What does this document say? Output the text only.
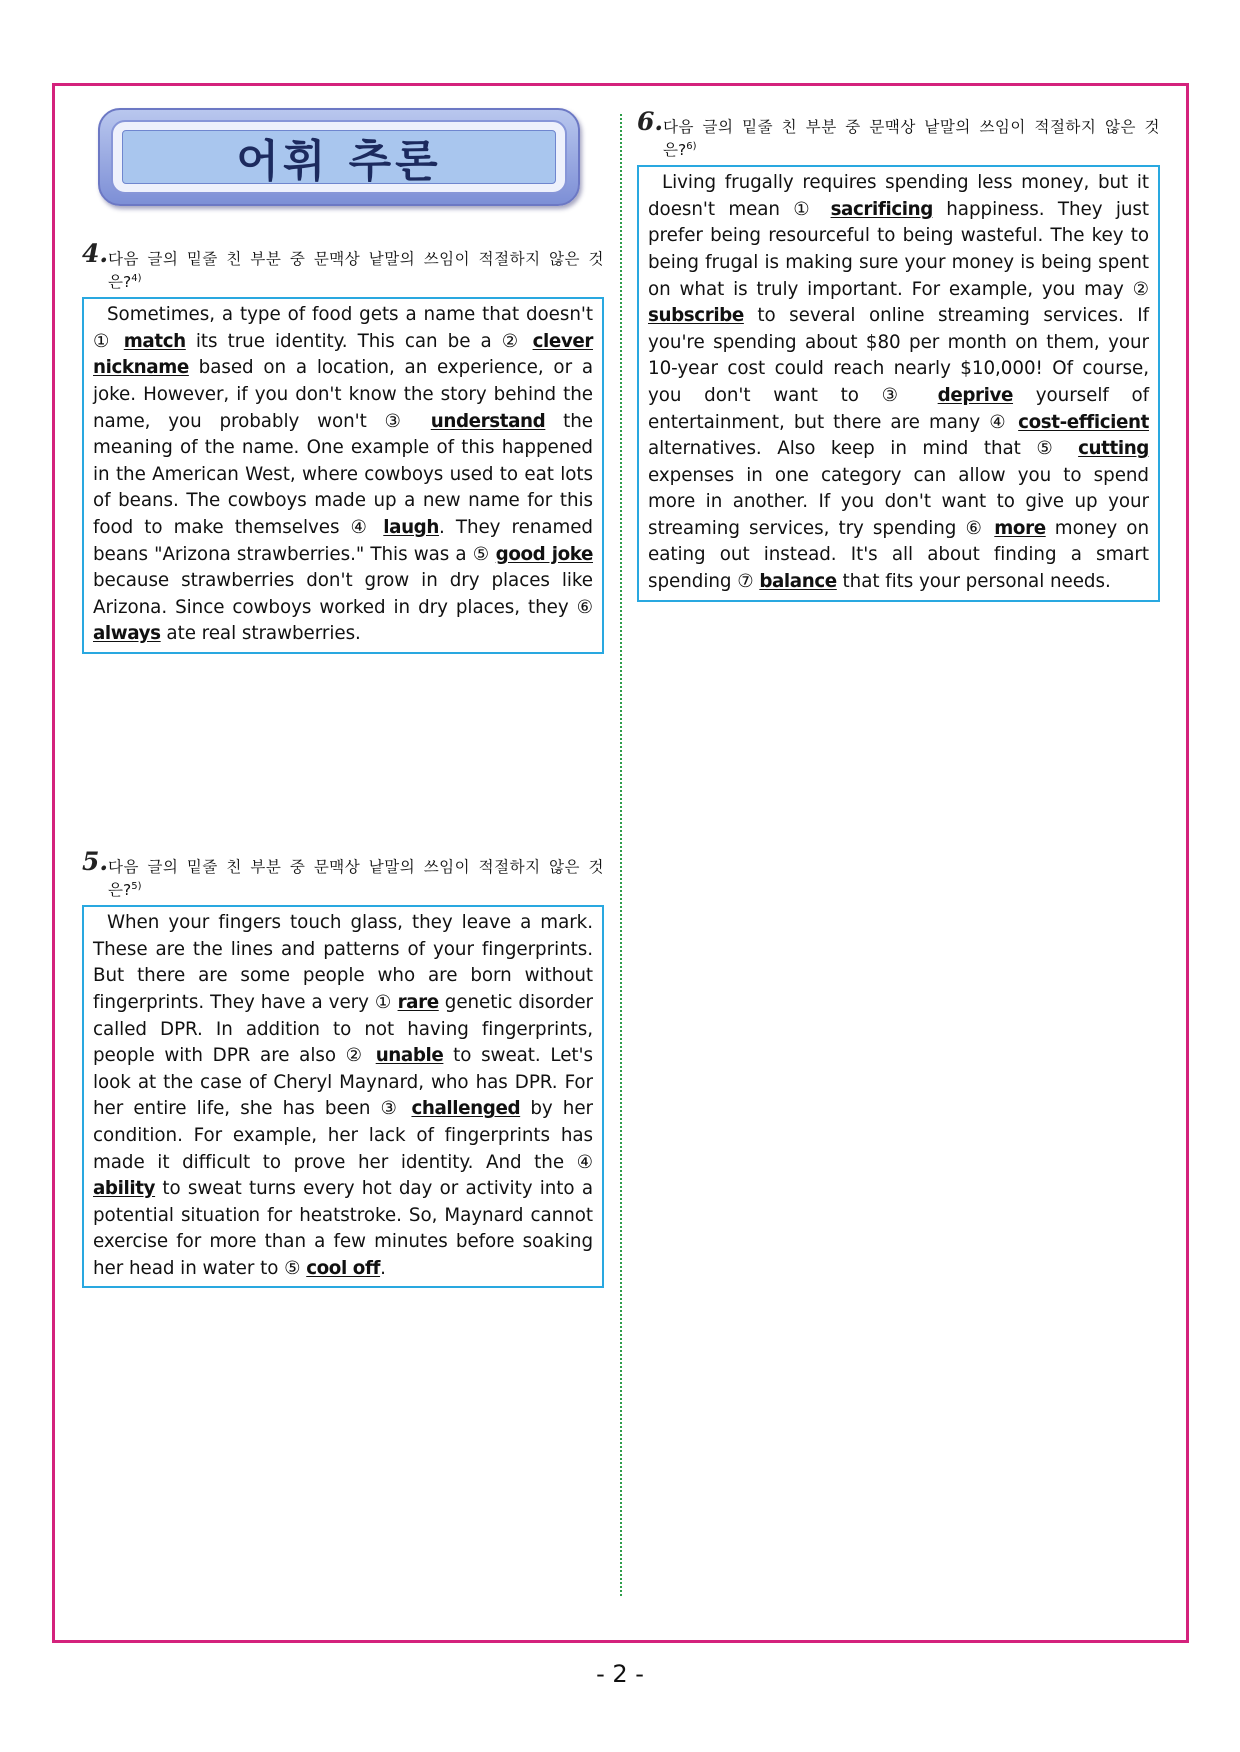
어휘 추론
4. 다음 글의 밑줄 친 부분 중 문맥상 낱말의 쓰임이 적절하지 않은 것
은?$^{4)}$

Sometimes, a type of food gets a name that doesn't ① match its true identity. This can be a ② clever nickname based on a location, an experience, or a joke. However, if you don't know the story behind the name, you probably won't ③ understand the meaning of the name. One example of this happened in the American West, where cowboys used to eat lots of beans. The cowboys made up a new name for this food to make themselves ④ laugh. They renamed beans "Arizona strawberries." This was a ⑤ good joke because strawberries don't grow in dry places like Arizona. Since cowboys worked in dry places, they ⑥ always ate real strawberries.

5. 다음 글의 밑줄 친 부분 중 문맥상 낱말의 쓰임이 적절하지 않은 것
은?$^{5)}$

When your fingers touch glass, they leave a mark. These are the lines and patterns of your fingerprints. But there are some people who are born without fingerprints. They have a very ① rare genetic disorder called DPR. In addition to not having fingerprints, people with DPR are also ② unable to sweat. Let's look at the case of Cheryl Maynard, who has DPR. For her entire life, she has been ③ challenged by her condition. For example, her lack of fingerprints has made it difficult to prove her identity. And the ④ ability to sweat turns every hot day or activity into a potential situation for heatstroke. So, Maynard cannot exercise for more than a few minutes before soaking her head in water to ⑤ cool off.

6. 다음 글의 밑줄 친 부분 중 문맥상 낱말의 쓰임이 적절하지 않은 것
은?$^{6)}$

Living frugally requires spending less money, but it doesn't mean ① sacrificing happiness. They just prefer being resourceful to being wasteful. The key to being frugal is making sure your money is being spent on what is truly important. For example, you may ② subscribe to several online streaming services. If you're spending about $80 per month on them, your 10-year cost could reach nearly $10,000! Of course, you don't want to ③ deprive yourself of entertainment, but there are many ④ cost-efficient alternatives. Also keep in mind that ⑤ cutting expenses in one category can allow you to spend more in another. If you don't want to give up your streaming services, try spending ⑥ more money on eating out instead. It's all about finding a smart spending ⑦ balance that fits your personal needs.

- 2 -
